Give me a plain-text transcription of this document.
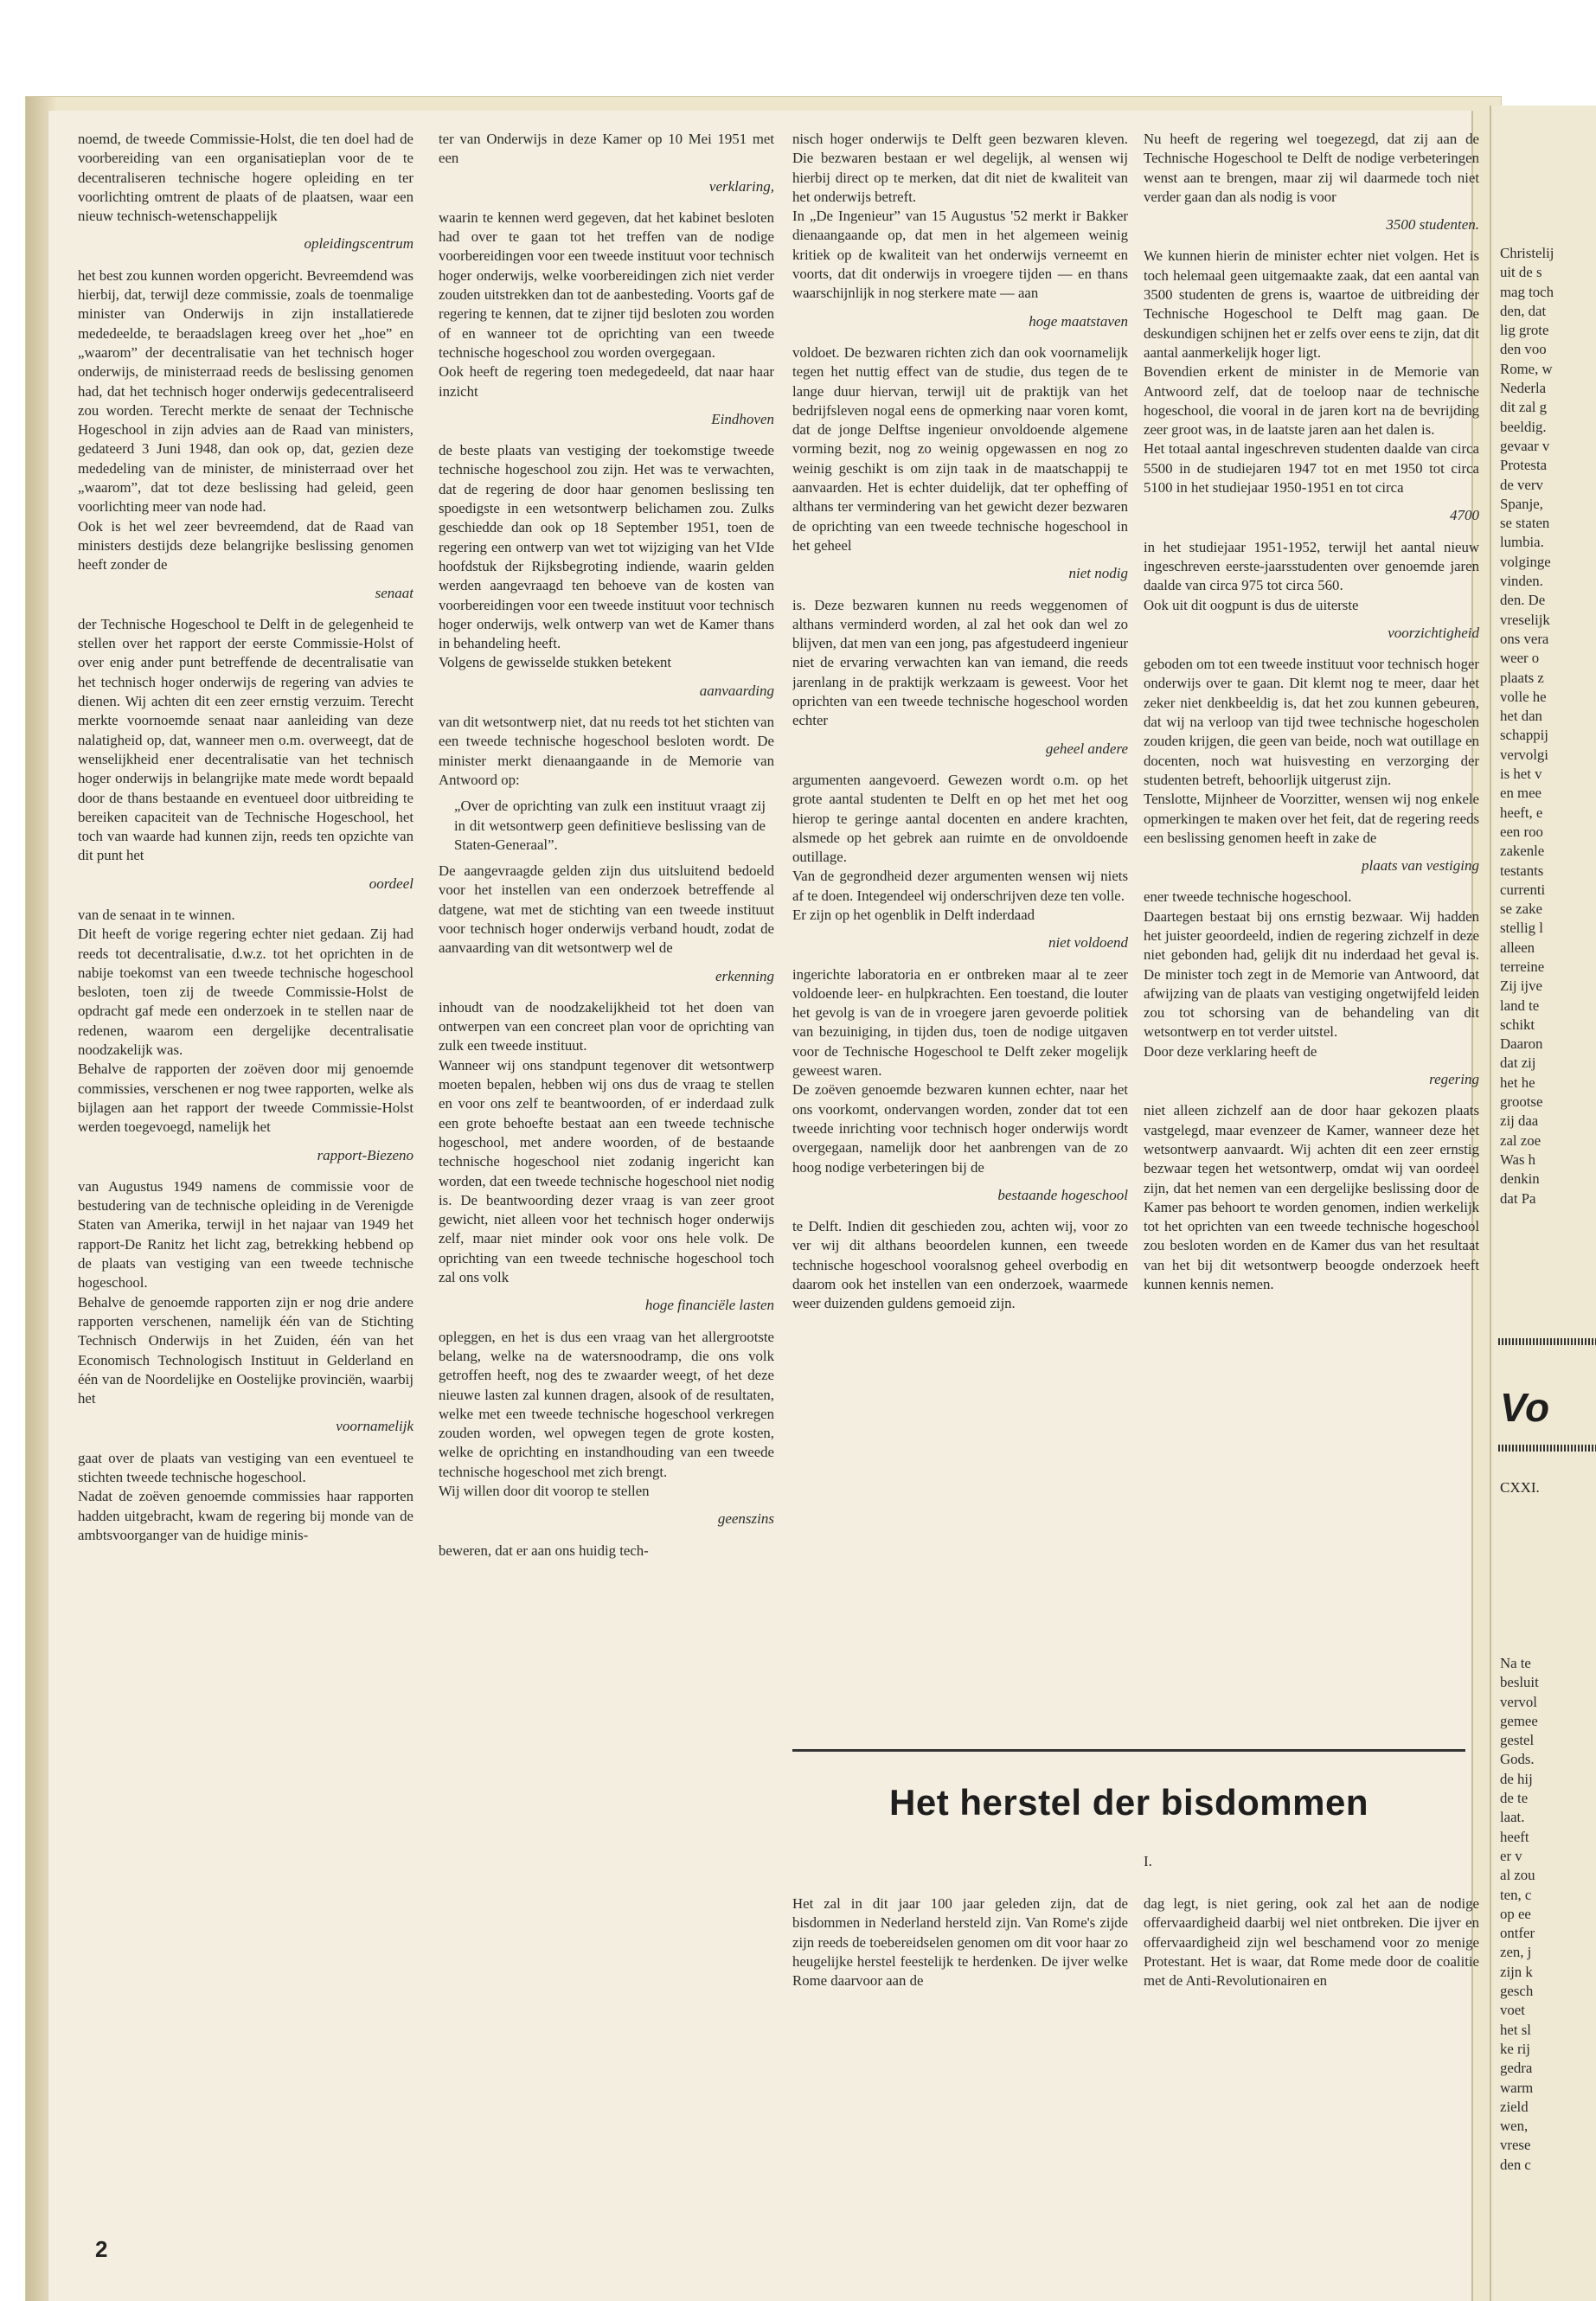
noemd, de tweede Commissie-Holst, die ten doel had de voorbereiding van een organisatieplan voor de te decentraliseren technische hogere opleiding en ter voorlichting omtrent de plaats of de plaatsen, waar een nieuw technisch-wetenschappelijk

opleidingscentrum

het best zou kunnen worden opgericht. Bevreemdend was hierbij, dat, terwijl deze commissie, zoals de toenmalige minister van Onderwijs in zijn installatierede mededeelde, te beraadslagen kreeg over het „hoe” en „waarom” der decentralisatie van het technisch hoger onderwijs, de ministerraad reeds de beslissing genomen had, dat het technisch hoger onderwijs gedecentraliseerd zou worden. Terecht merkte de senaat der Technische Hogeschool in zijn advies aan de Raad van ministers, gedateerd 3 Juni 1948, dan ook op, dat, gezien deze mededeling van de minister, de ministerraad over het „waarom”, dat tot deze beslissing had geleid, geen voorlichting meer van node had.

Ook is het wel zeer bevreemdend, dat de Raad van ministers destijds deze belangrijke beslissing genomen heeft zonder de

senaat

der Technische Hogeschool te Delft in de gelegenheid te stellen over het rapport der eerste Commissie-Holst of over enig ander punt betreffende de decentralisatie van het technisch hoger onderwijs de regering van advies te dienen. Wij achten dit een zeer ernstig verzuim. Terecht merkte voornoemde senaat naar aanleiding van deze nalatigheid op, dat, wanneer men o.m. overweegt, dat de wenselijkheid ener decentralisatie van het technisch hoger onderwijs in belangrijke mate mede wordt bepaald door de thans bestaande en eventueel door uitbreiding te bereiken capaciteit van de Technische Hogeschool, het toch van waarde had kunnen zijn, reeds ten opzichte van dit punt het

oordeel

van de senaat in te winnen.

Dit heeft de vorige regering echter niet gedaan. Zij had reeds tot decentralisatie, d.w.z. tot het oprichten in de nabije toekomst van een tweede technische hogeschool besloten, toen zij de tweede Commissie-Holst de opdracht gaf mede een onderzoek in te stellen naar de redenen, waarom een dergelijke decentralisatie noodzakelijk was.

Behalve de rapporten der zoëven door mij genoemde commissies, verschenen er nog twee rapporten, welke als bijlagen aan het rapport der tweede Commissie-Holst werden toegevoegd, namelijk het

rapport-Biezeno

van Augustus 1949 namens de commissie voor de bestudering van de technische opleiding in de Verenigde Staten van Amerika, terwijl in het najaar van 1949 het rapport-De Ranitz het licht zag, betrekking hebbend op de plaats van vestiging van een tweede technische hogeschool.

Behalve de genoemde rapporten zijn er nog drie andere rapporten verschenen, namelijk één van de Stichting Technisch Onderwijs in het Zuiden, één van het Economisch Technologisch Instituut in Gelderland en één van de Noordelijke en Oostelijke provinciën, waarbij het

voornamelijk

gaat over de plaats van vestiging van een eventueel te stichten tweede technische hogeschool.

Nadat de zoëven genoemde commissies haar rapporten hadden uitgebracht, kwam de regering bij monde van de ambtsvoorganger van de huidige minis-

ter van Onderwijs in deze Kamer op 10 Mei 1951 met een

verklaring,

waarin te kennen werd gegeven, dat het kabinet besloten had over te gaan tot het treffen van de nodige voorbereidingen voor een tweede instituut voor technisch hoger onderwijs, welke voorbereidingen zich niet verder zouden uitstrekken dan tot de aanbesteding. Voorts gaf de regering te kennen, dat te zijner tijd besloten zou worden of en wanneer tot de oprichting van een tweede technische hogeschool zou worden overgegaan.

Ook heeft de regering toen medegedeeld, dat naar haar inzicht

Eindhoven

de beste plaats van vestiging der toekomstige tweede technische hogeschool zou zijn. Het was te verwachten, dat de regering de door haar genomen beslissing ten spoedigste in een wetsontwerp belichamen zou. Zulks geschiedde dan ook op 18 September 1951, toen de regering een ontwerp van wet tot wijziging van het VIde hoofdstuk der Rijksbegroting indiende, waarin gelden werden aangevraagd ten behoeve van de kosten van voorbereidingen voor een tweede instituut voor technisch hoger onderwijs, welk ontwerp van wet de Kamer thans in behandeling heeft.

Volgens de gewisselde stukken betekent

aanvaarding

van dit wetsontwerp niet, dat nu reeds tot het stichten van een tweede technische hogeschool besloten wordt. De minister merkt dienaangaande in de Memorie van Antwoord op:

„Over de oprichting van zulk een instituut vraagt zij in dit wetsontwerp geen definitieve beslissing van de Staten-Generaal”.

De aangevraagde gelden zijn dus uitsluitend bedoeld voor het instellen van een onderzoek betreffende al datgene, wat met de stichting van een tweede instituut voor technisch hoger onderwijs verband houdt, zodat de aanvaarding van dit wetsontwerp wel de

erkenning

inhoudt van de noodzakelijkheid tot het doen van ontwerpen van een concreet plan voor de oprichting van zulk een tweede instituut.

Wanneer wij ons standpunt tegenover dit wetsontwerp moeten bepalen, hebben wij ons dus de vraag te stellen en voor ons zelf te beantwoorden, of er inderdaad zulk een grote behoefte bestaat aan een tweede technische hogeschool, met andere woorden, of de bestaande technische hogeschool niet zodanig ingericht kan worden, dat een tweede technische hogeschool niet nodig is. De beantwoording dezer vraag is van zeer groot gewicht, niet alleen voor het technisch hoger onderwijs zelf, maar niet minder ook voor ons hele volk. De oprichting van een tweede technische hogeschool toch zal ons volk

hoge financiële lasten

opleggen, en het is dus een vraag van het allergrootste belang, welke na de watersnoodramp, die ons volk getroffen heeft, nog des te zwaarder weegt, of het deze nieuwe lasten zal kunnen dragen, alsook of de resultaten, welke met een tweede technische hogeschool verkregen zouden worden, wel opwegen tegen de grote kosten, welke de oprichting en instandhouding van een tweede technische hogeschool met zich brengt.

Wij willen door dit voorop te stellen

geenszins

beweren, dat er aan ons huidig tech-

nisch hoger onderwijs te Delft geen bezwaren kleven. Die bezwaren bestaan er wel degelijk, al wensen wij hierbij direct op te merken, dat dit niet de kwaliteit van het onderwijs betreft.

In „De Ingenieur” van 15 Augustus '52 merkt ir Bakker dienaangaande op, dat men in het algemeen weinig kritiek op de kwaliteit van het onderwijs verneemt en voorts, dat dit onderwijs in vroegere tijden — en thans waarschijnlijk in nog sterkere mate — aan

hoge maatstaven

voldoet. De bezwaren richten zich dan ook voornamelijk tegen het nuttig effect van de studie, dus tegen de te lange duur hiervan, terwijl uit de praktijk van het bedrijfsleven nogal eens de opmerking naar voren komt, dat de jonge Delftse ingenieur onvoldoende algemene vorming bezit, nog zo weinig opgewassen en nog zo weinig geschikt is om zijn taak in de maatschappij te aanvaarden. Het is echter duidelijk, dat ter opheffing of althans ter vermindering van het gewicht dezer bezwaren de oprichting van een tweede technische hogeschool in het geheel

niet nodig

is. Deze bezwaren kunnen nu reeds weggenomen of althans verminderd worden, al zal het ook dan wel zo blijven, dat men van een jong, pas afgestudeerd ingenieur niet de ervaring verwachten kan van iemand, die reeds jarenlang in de praktijk werkzaam is geweest. Voor het oprichten van een tweede technische hogeschool worden echter

geheel andere

argumenten aangevoerd. Gewezen wordt o.m. op het grote aantal studenten te Delft en op het met het oog hierop te geringe aantal docenten en andere krachten, alsmede op het gebrek aan ruimte en de onvoldoende outillage.

Van de gegrondheid dezer argumenten wensen wij niets af te doen. Integendeel wij onderschrijven deze ten volle.

Er zijn op het ogenblik in Delft inderdaad

niet voldoend

ingerichte laboratoria en er ontbreken maar al te zeer voldoende leer- en hulpkrachten. Een toestand, die louter het gevolg is van de in vroegere jaren gevoerde politiek van bezuiniging, in tijden dus, toen de nodige uitgaven voor de Technische Hogeschool te Delft zeker mogelijk geweest waren.

De zoëven genoemde bezwaren kunnen echter, naar het ons voorkomt, ondervangen worden, zonder dat tot een tweede inrichting voor technisch hoger onderwijs wordt overgegaan, namelijk door het aanbrengen van de zo hoog nodige verbeteringen bij de

bestaande hogeschool

te Delft. Indien dit geschieden zou, achten wij, voor zo ver wij dit althans beoordelen kunnen, een tweede technische hogeschool vooralsnog geheel overbodig en daarom ook het instellen van een onderzoek, waarmede weer duizenden guldens gemoeid zijn.

Nu heeft de regering wel toegezegd, dat zij aan de Technische Hogeschool te Delft de nodige verbeteringen wenst aan te brengen, maar zij wil daarmede toch niet verder gaan dan als nodig is voor

3500 studenten.

We kunnen hierin de minister echter niet volgen. Het is toch helemaal geen uitgemaakte zaak, dat een aantal van 3500 studenten de grens is, waartoe de uitbreiding der Technische Hogeschool te Delft mag gaan. De deskundigen schijnen het er zelfs over eens te zijn, dat dit aantal aanmerkelijk hoger ligt.

Bovendien erkent de minister in de Memorie van Antwoord zelf, dat de toeloop naar de technische hogeschool, die vooral in de jaren kort na de bevrijding zeer groot was, in de laatste jaren aan het dalen is.

Het totaal aantal ingeschreven studenten daalde van circa 5500 in de studiejaren 1947 tot en met 1950 tot circa 5100 in het studiejaar 1950-1951 en tot circa

4700

in het studiejaar 1951-1952, terwijl het aantal nieuw ingeschreven eerste-jaarsstudenten over genoemde jaren daalde van circa 975 tot circa 560.

Ook uit dit oogpunt is dus de uiterste

voorzichtigheid

geboden om tot een tweede instituut voor technisch hoger onderwijs over te gaan. Dit klemt nog te meer, daar het zeker niet denkbeeldig is, dat het zou kunnen gebeuren, dat wij na verloop van tijd twee technische hogescholen zouden krijgen, die geen van beide, noch wat outillage en docenten, noch wat huisvesting en verzorging der studenten betreft, behoorlijk uitgerust zijn.

Tenslotte, Mijnheer de Voorzitter, wensen wij nog enkele opmerkingen te maken over het feit, dat de regering reeds een beslissing genomen heeft in zake de

plaats van vestiging

ener tweede technische hogeschool.

Daartegen bestaat bij ons ernstig bezwaar. Wij hadden het juister geoordeeld, indien de regering zichzelf in deze niet gebonden had, gelijk dit nu inderdaad het geval is. De minister toch zegt in de Memorie van Antwoord, dat afwijzing van de plaats van vestiging ongetwijfeld leiden zou tot schorsing van de behandeling van dit wetsontwerp en tot verder uitstel.

Door deze verklaring heeft de

regering

niet alleen zichzelf aan de door haar gekozen plaats vastgelegd, maar evenzeer de Kamer, wanneer deze het wetsontwerp aanvaardt. Wij achten dit een zeer ernstig bezwaar tegen het wetsontwerp, omdat wij van oordeel zijn, dat het nemen van een dergelijke beslissing door de Kamer pas behoort te worden genomen, indien werkelijk tot het oprichten van een tweede technische hogeschool zou besloten worden en de Kamer dus van het resultaat van het bij dit wetsontwerp beoogde onderzoek heeft kunnen kennis nemen.

Het herstel der bisdommen
I.

Het zal in dit jaar 100 jaar geleden zijn, dat de bisdommen in Nederland hersteld zijn. Van Rome's zijde zijn reeds de toebereidselen genomen om dit voor haar zo heugelijke herstel feestelijk te herdenken. De ijver welke Rome daarvoor aan de

dag legt, is niet gering, ook zal het aan de nodige offervaardigheid daarbij wel niet ontbreken. Die ijver en offervaardigheid zijn wel beschamend voor zo menige Protestant. Het is waar, dat Rome mede door de coalitie met de Anti-Revolutionairen en

2
Christelij
uit de s
mag toch
den, dat
lig grote
den voo
Rome, w
Nederla
dit zal g
beeldig.
gevaar v
Protesta
de verv
Spanje,
se staten
lumbia.
volginge
vinden.
den. De
vreselijk
ons vera
weer o
plaats z
volle he
het dan
schappij
vervolgi
is het v
en mee
heeft, e
een roo
zakenle
testants
currenti
se zake
stellig l
alleen
terreine
Zij ijve
land te
schikt
Daaron
dat zij
het he
grootse
zij daa
zal zoe
Was h
denkin
dat Pa
Vo
CXXI.
Na te
besluit
vervol
gemee
gestel
Gods.
de hij
de te
laat.
heeft
er v
al zou
ten, c
op ee
ontfer
zen, j
zijn k
gesch
voet
het sl
ke rij
gedra
warm
zield
wen,
vrese
den c
